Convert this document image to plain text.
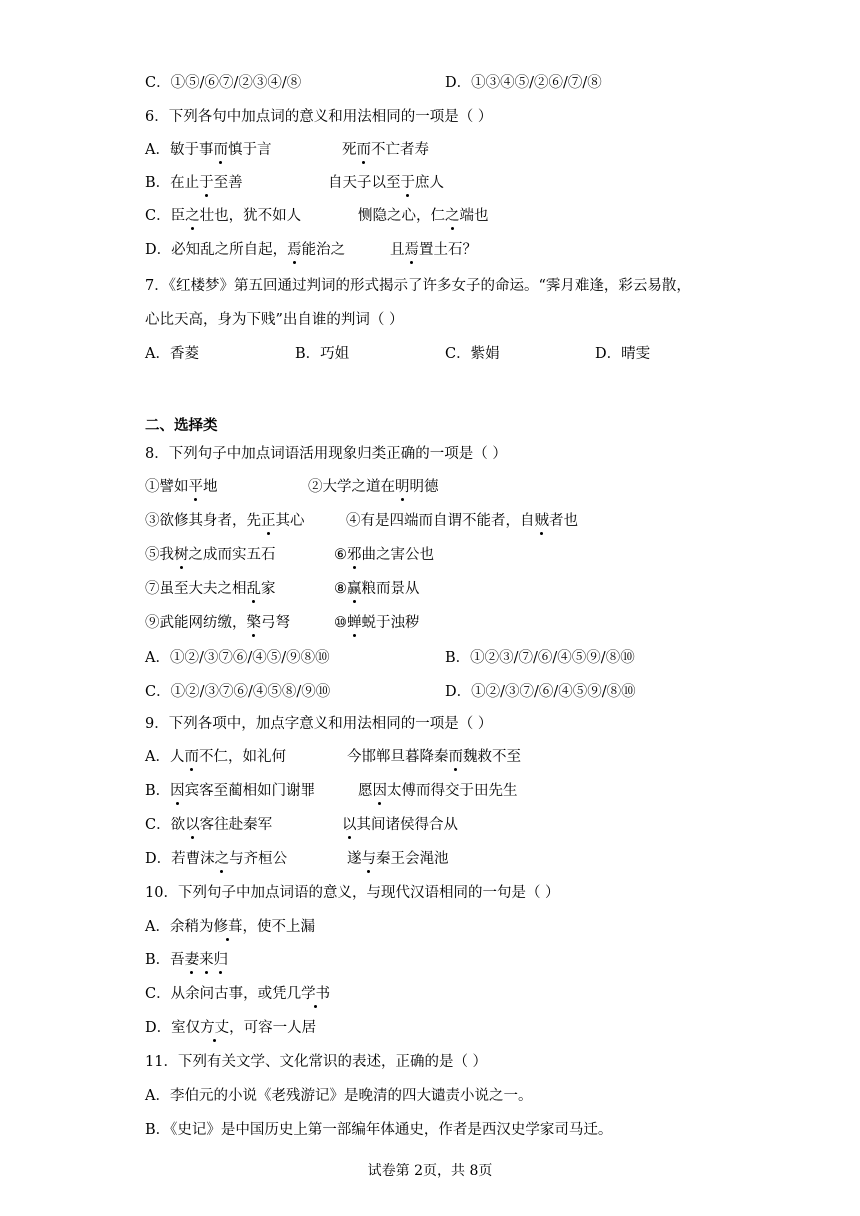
C．①⑤/⑥⑦/②③④/⑧	D．①③④⑤/②⑥/⑦/⑧
6．下列各句中加点词的意义和用法相同的一项是（ ）
A．敏于事而慎于言	死而不亡者寿
B．在止于至善	自天子以至于庶人
C．臣之壮也，犹不如人	恻隐之心，仁之端也
D．必知乱之所自起，焉能治之	且焉置土石？
7．《红楼梦》第五回通过判词的形式揭示了许多女子的命运。“霁月难逢，彩云易散，
心比天高，身为下贱”出自谁的判词（ ）
A．香菱	B．巧姐	C．紫娟	D．晴雯
二、选择类
8．下列句子中加点词语活用现象归类正确的一项是（ ）
①譬如平地	②大学之道在明明德
③欲修其身者，先正其心	④有是四端而自谓不能者，自贼者也
⑤我树之成而实五石	⑥邪曲之害公也
⑦虽至大夫之相乱家	⑧赢粮而景从
⑨武能网纺缴，檠弓弩	⑩蝉蜕于浊秽
A．①②/③⑦⑥/④⑤/⑨⑧⑩	B．①②③/⑦/⑥/④⑤⑨/⑧⑩
C．①②/③⑦⑥/④⑤⑧/⑨⑩	D．①②/③⑦/⑥/④⑤⑨/⑧⑩
9．下列各项中，加点字意义和用法相同的一项是（ ）
A．人而不仁，如礼何	今邯郸旦暮降秦而魏救不至
B．因宾客至蔺相如门谢罪	愿因太傅而得交于田先生
C．欲以客往赴秦军	以其间诸侯得合从
D．若曹沫之与齐桓公	遂与秦王会渑池
10．下列句子中加点词语的意义，与现代汉语相同的一句是（ ）
A．余稍为修葺，使不上漏
B．吾妻来归
C．从余问古事，或凭几学书
D．室仅方丈，可容一人居
11．下列有关文学、文化常识的表述，正确的是（ ）
A．李伯元的小说《老残游记》是晚清的四大谴责小说之一。
B．《史记》是中国历史上第一部编年体通史，作者是西汉史学家司马迁。
试卷第 2页，共 8页
